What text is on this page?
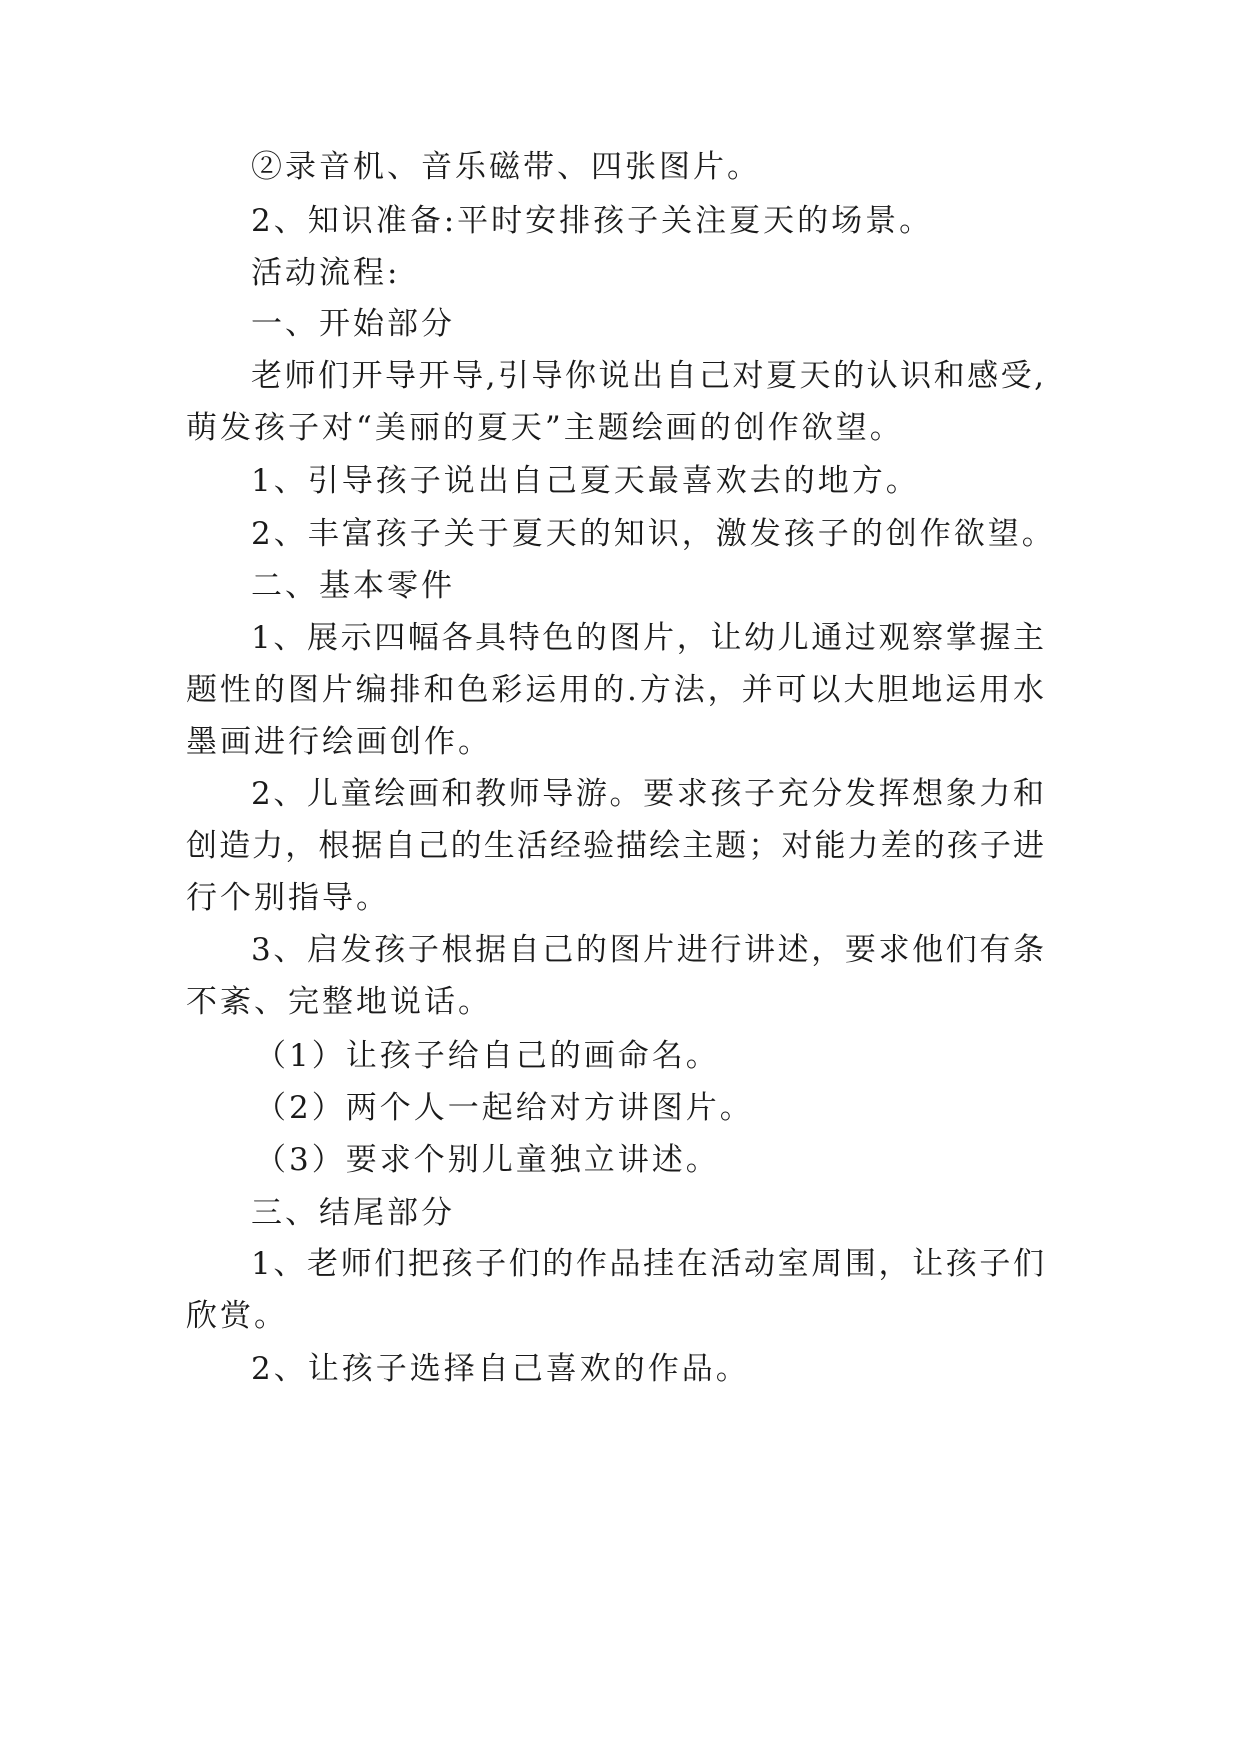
②录音机、音乐磁带、四张图片。

2、知识准备:平时安排孩子关注夏天的场景。

活动流程:

一、开始部分

老师们开导开导,引导你说出自己对夏天的认识和感受,

萌发孩子对“美丽的夏天”主题绘画的创作欲望。

1、引导孩子说出自己夏天最喜欢去的地方。

2、丰富孩子关于夏天的知识，激发孩子的创作欲望。

二、基本零件

1、展示四幅各具特色的图片，让幼儿通过观察掌握主

题性的图片编排和色彩运用的.方法，并可以大胆地运用水

墨画进行绘画创作。

2、儿童绘画和教师导游。要求孩子充分发挥想象力和

创造力，根据自己的生活经验描绘主题；对能力差的孩子进

行个别指导。

3、启发孩子根据自己的图片进行讲述，要求他们有条

不紊、完整地说话。

（1）让孩子给自己的画命名。

（2）两个人一起给对方讲图片。

（3）要求个别儿童独立讲述。

三、结尾部分

1、老师们把孩子们的作品挂在活动室周围，让孩子们

欣赏。

2、让孩子选择自己喜欢的作品。
